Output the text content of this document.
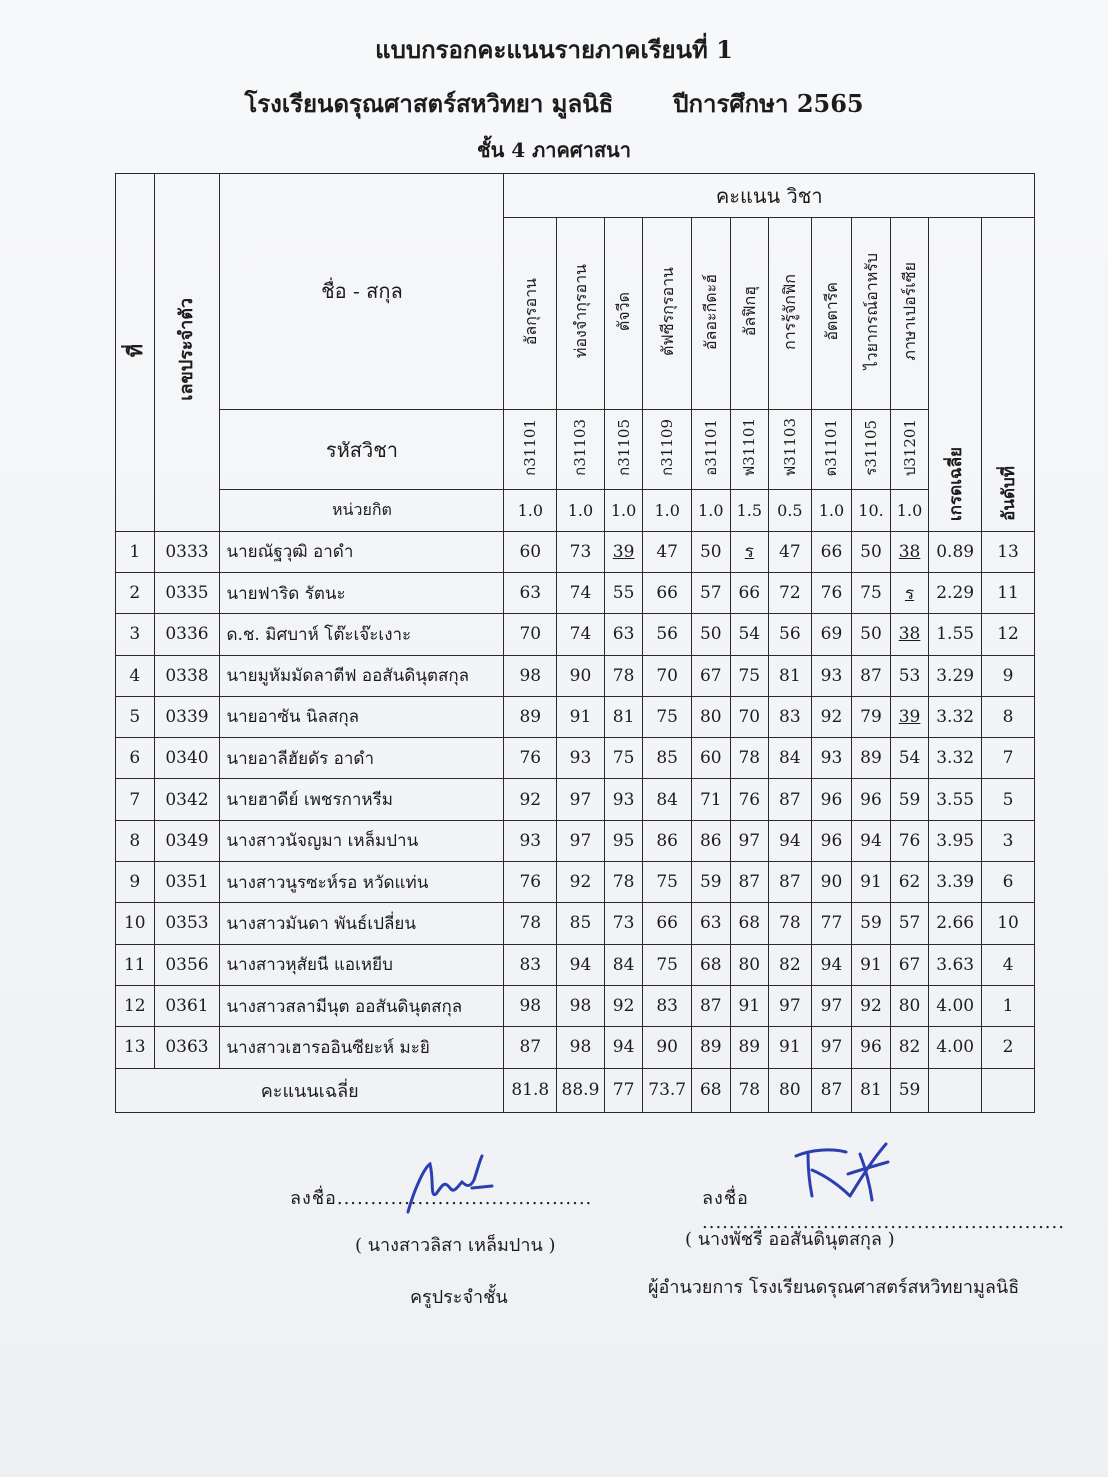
แบบกรอกคะแนนรายภาคเรียนที่ 1
โรงเรียนดรุณศาสตร์สหวิทยา มูลนิธิ	ปีการศึกษา 2565
ชั้น 4 ภาคศาสนา
ที่	เลขประจำตัว	ชื่อ - สกุล	คะแนน วิชา											
			อัลกุรอาน	ท่องจำกุรอาน	ตัจวีด	ตัฟซีรกุรอาน	อัลอะกีดะฮ์	อัลฟิกฮุ	การรู้จักฟิก	อัตตารีค	ไวยากรณ์อาหรับ	ภาษาเปอร์เซีย	เกรดเฉลี่ย	อันดับที่
		รหัสวิชา	ก31101	ก31103	ก31105	ก31109	อ31101	ฟ31101	ฟ31103	ต31101	ร31105	ป31201		
		หน่วยกิต	1.0	1.0	1.0	1.0	1.0	1.5	0.5	1.0	10.	1.0		
1	0333	นายณัฐวุฒิ อาดำ	60	73	39	47	50	ร	47	66	50	38	0.89	13
2	0335	นายฟาริด รัตนะ	63	74	55	66	57	66	72	76	75	ร	2.29	11
3	0336	ด.ช. มิศบาห์ โต๊ะเจ๊ะเงาะ	70	74	63	56	50	54	56	69	50	38	1.55	12
4	0338	นายมูหัมมัดลาตีฟ ออสันดินุตสกุล	98	90	78	70	67	75	81	93	87	53	3.29	9
5	0339	นายอาซัน นิลสกุล	89	91	81	75	80	70	83	92	79	39	3.32	8
6	0340	นายอาลีฮัยดัร อาดำ	76	93	75	85	60	78	84	93	89	54	3.32	7
7	0342	นายฮาดีย์ เพชรกาหรีม	92	97	93	84	71	76	87	96	96	59	3.55	5
8	0349	นางสาวนัจญมา เหล็มปาน	93	97	95	86	86	97	94	96	94	76	3.95	3
9	0351	นางสาวนูรซะห์รอ หวัดแท่น	76	92	78	75	59	87	87	90	91	62	3.39	6
10	0353	นางสาวมันดา พันธ์เปลี่ยน	78	85	73	66	63	68	78	77	59	57	2.66	10
11	0356	นางสาวหุสัยนี แอเหยีบ	83	94	84	75	68	80	82	94	91	67	3.63	4
12	0361	นางสาวสลามีนุต ออสันดินุตสกุล	98	98	92	83	87	91	97	97	92	80	4.00	1
13	0363	นางสาวเฮารออินซียะห์ มะยิ	87	98	94	90	89	89	91	97	96	82	4.00	2
คะแนนเฉลี่ย			81.8	88.9	77	73.7	68	78	80	87	81	59		
ลงชื่อ......................................
( นางสาวลิสา เหล็มปาน )
ครูประจำชั้น
ลงชื่อ ......................................................
( นางพัชรี ออสันดินุตสกุล )
ผู้อำนวยการ โรงเรียนดรุณศาสตร์สหวิทยามูลนิธิ
